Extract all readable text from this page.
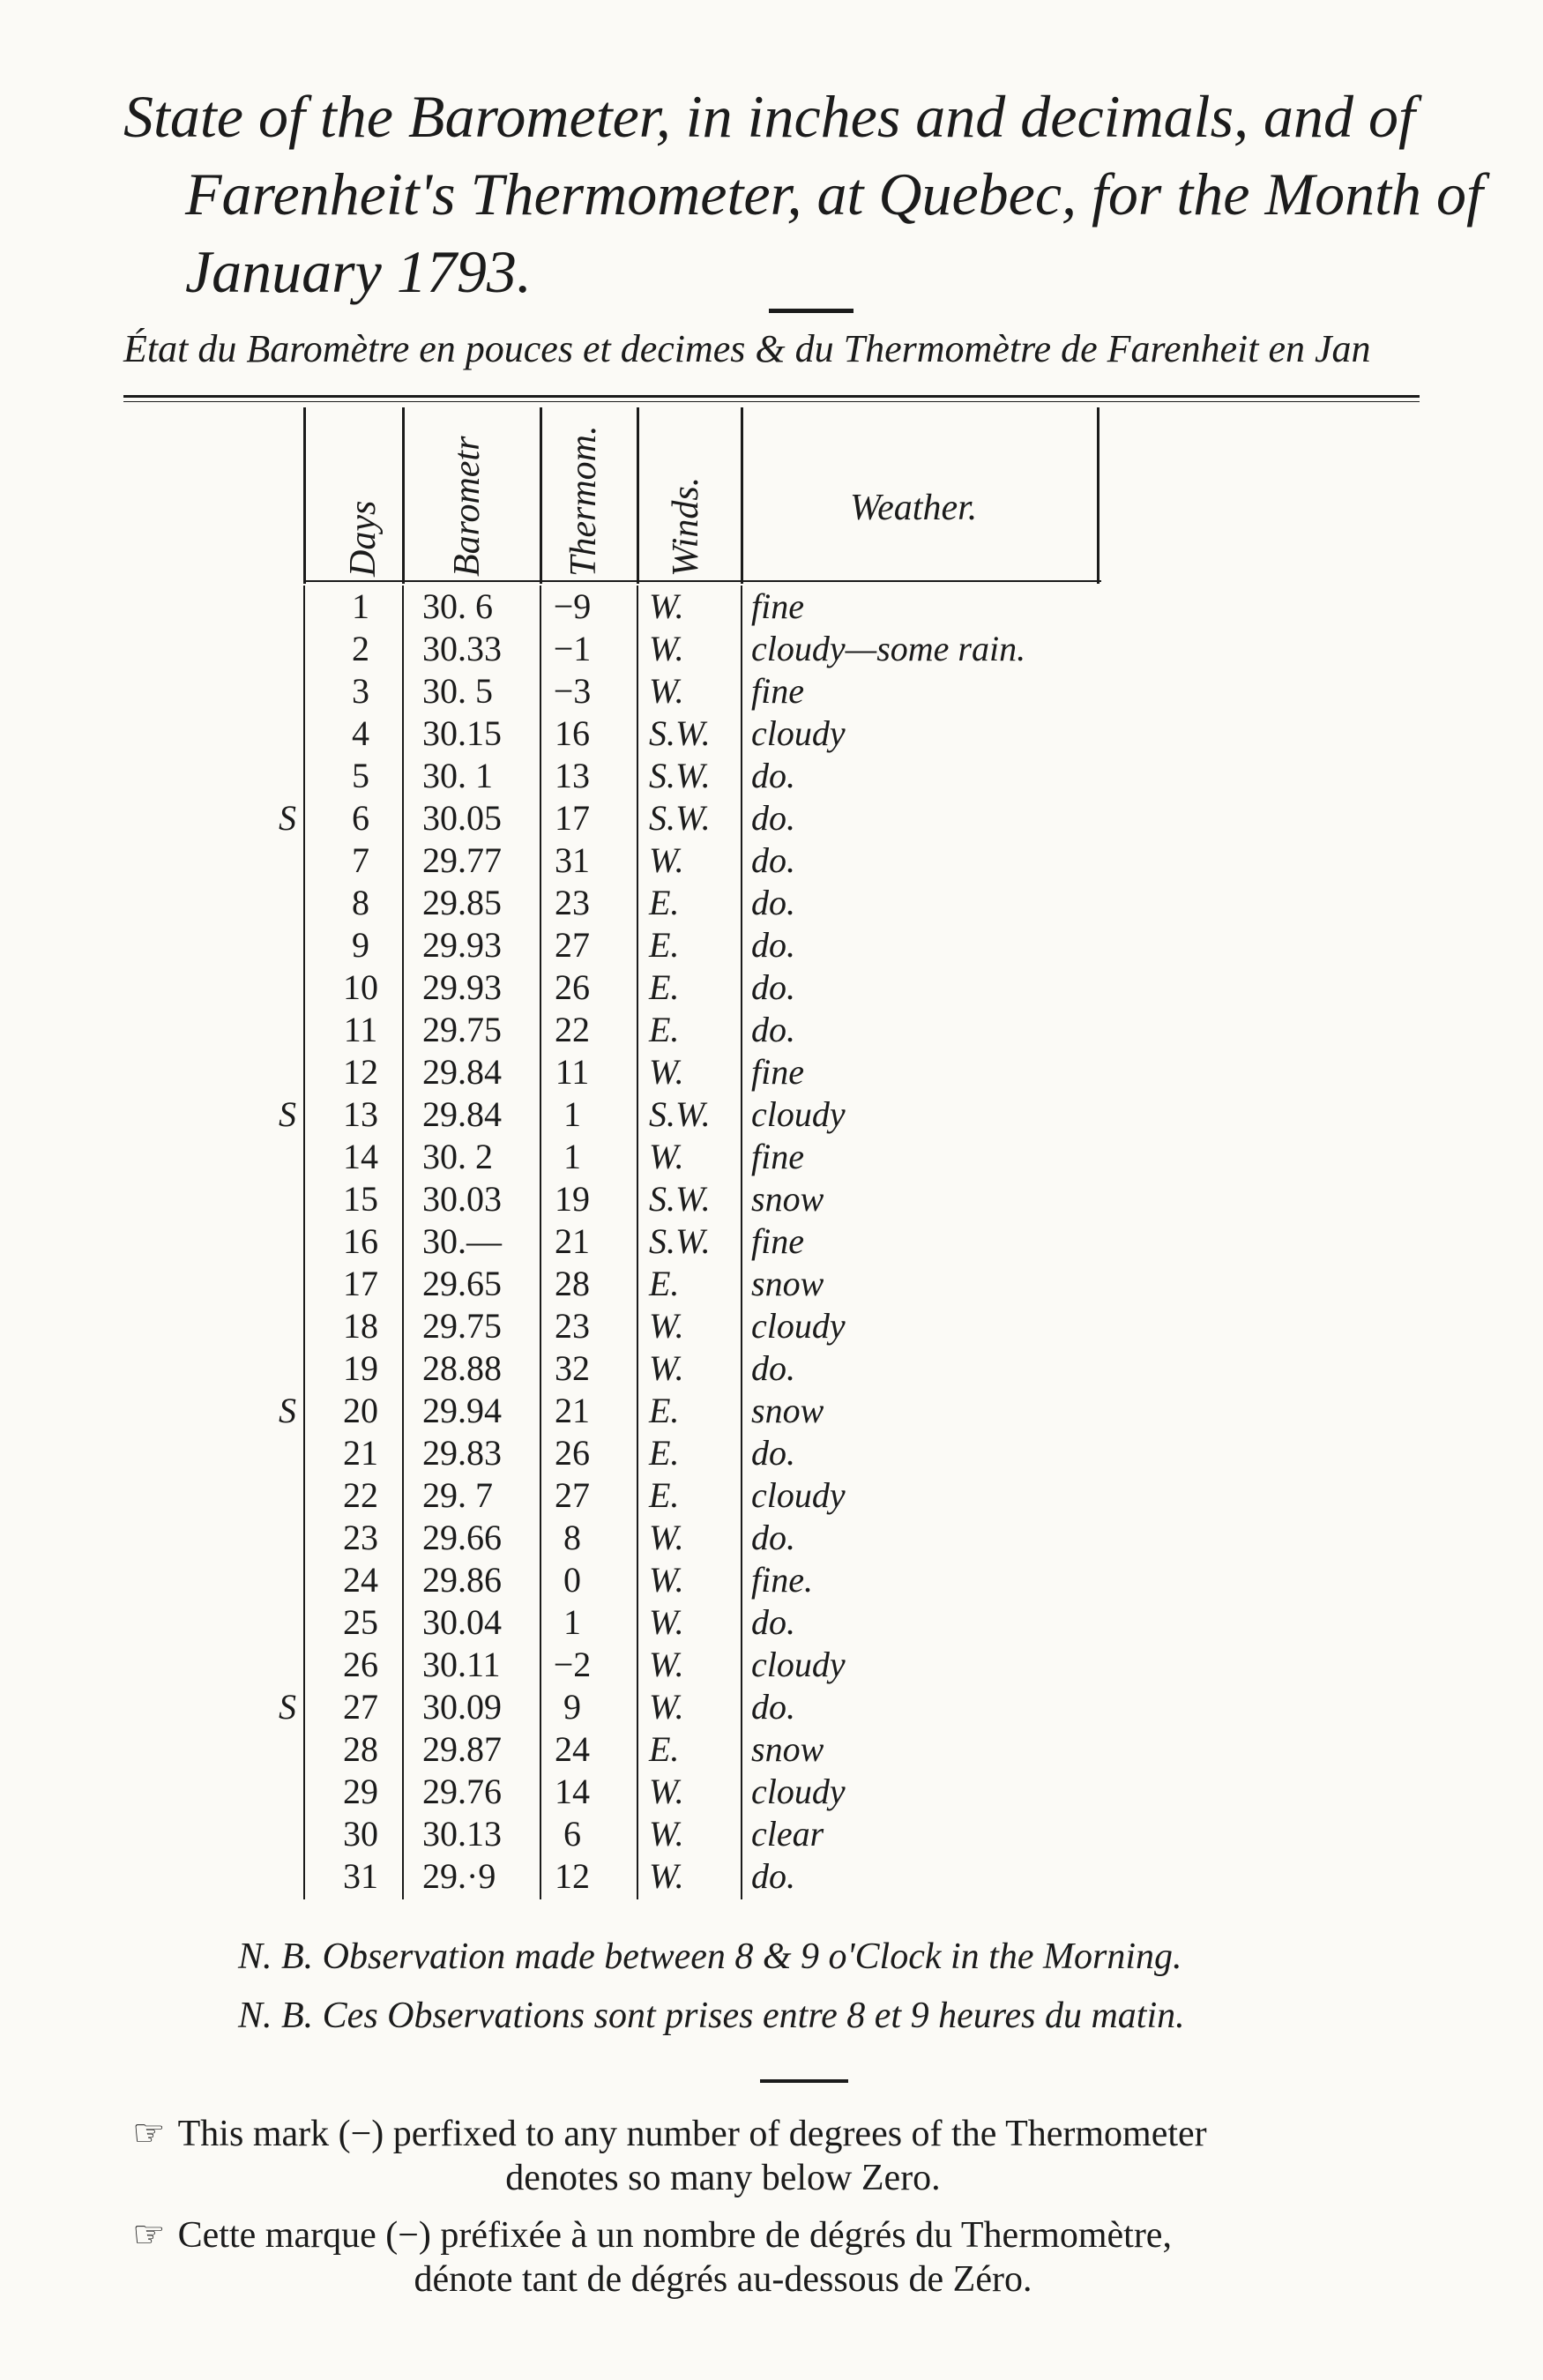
State of the Barometer, in inches and decimals, and of Farenheit's Thermometer, at Quebec, for the Month of January 1793.
État du Baromètre en pouces et decimes & du Thermomètre de Farenheit en Jan
Days Barometr Thermom. Winds.	Weather.
1	30. 6	−9	W. fine
2	30.33	−1	W. cloudy—some rain.
3	30. 5	−3	W. fine
4	30.15	16	S.W. cloudy
5	30. 1	13	S.W. do.
S	6	30.05	17	S.W. do.
7	29.77	31	W. do.
8	29.85	23	E. do.
9	29.93	27	E. do.
10	29.93	26	E. do.
11	29.75	22	E. do.
12	29.84	11	W. fine
S	13	29.84	1	S.W. cloudy
14	30. 2	1	W. fine
15	30.03	19	S.W. snow
16	30.—	21	S.W. fine
17	29.65	28	E. snow
18	29.75	23	W. cloudy
19	28.88	32	W. do.
S	20	29.94	21	E. snow
21	29.83	26	E. do.
22	29. 7	27	E. cloudy
23	29.66	8	W. do.
24	29.86	0	W. fine.
25	30.04	1	W. do.
26	30.11	−2	W. cloudy
S	27	30.09	9	W. do.
28	29.87	24	E. snow
29	29.76	14	W. cloudy
30	30.13	6	W. clear
31	29.·9	12	W. do.
N. B. Observation made between 8 & 9 o'Clock in the Morning.
N. B. Ces Observations sont prises entre 8 et 9 heures du matin.
☞ This mark (−) perfixed to any number of degrees of the Thermometer
denotes so many below Zero.
☞ Cette marque (−) préfixée à un nombre de dégrés du Thermomètre,
dénote tant de dégrés au-dessous de Zéro.
